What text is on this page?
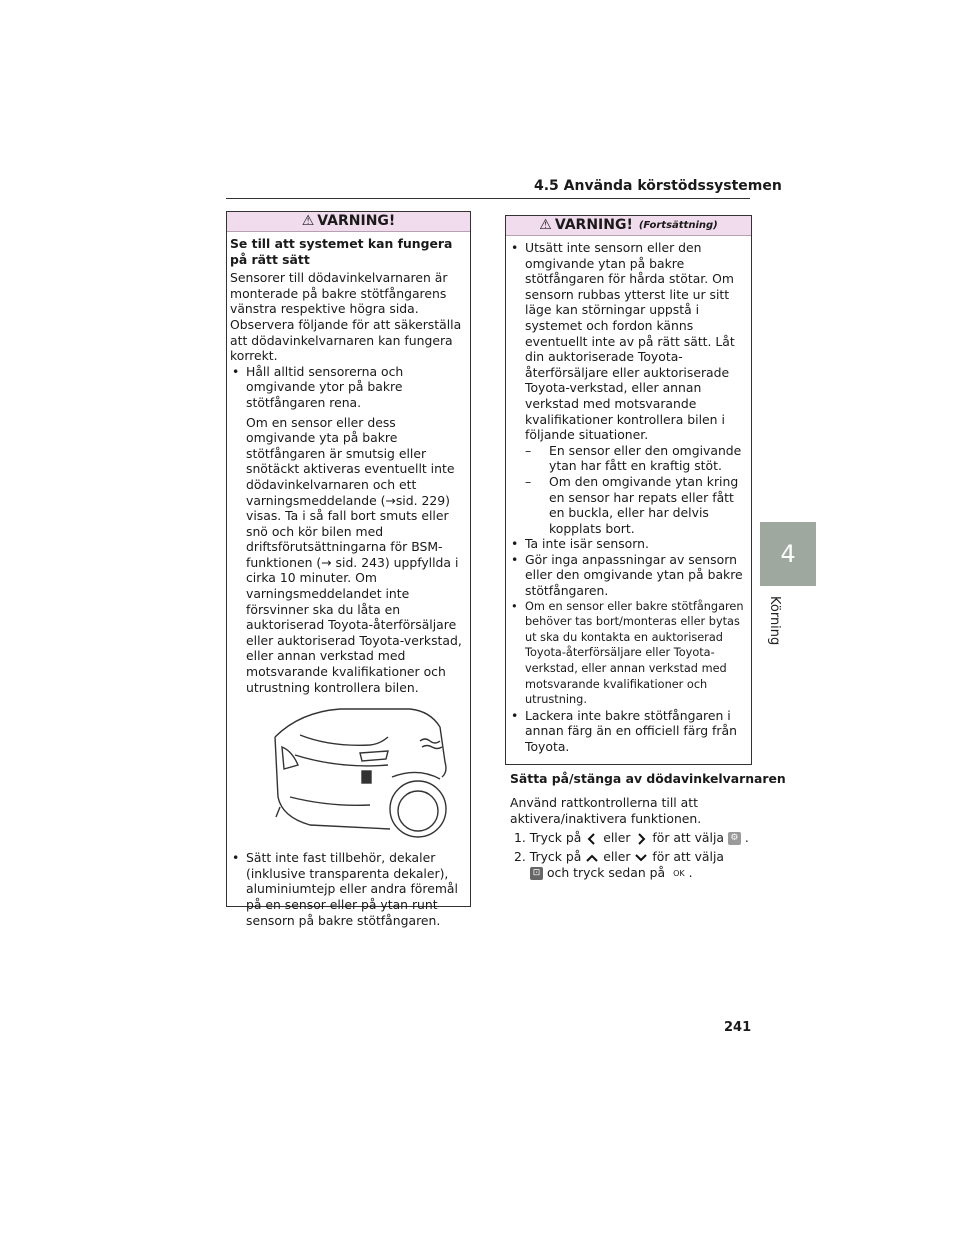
4.5 Använda körstödssystemen
4
Körning
⚠ VARNING!

Se till att systemet kan fungera på rätt sätt

Sensorer till dödavinkelvarnaren är monterade på bakre stötfångarens vänstra respektive högra sida. Observera följande för att säkerställa att dödavinkelvarnaren kan fungera korrekt.

• Håll alltid sensorerna och omgivande ytor på bakre stötfångaren rena.

Om en sensor eller dess omgivande yta på bakre stötfångaren är smutsig eller snötäckt aktiveras eventuellt inte dödavinkelvarnaren och ett varningsmeddelande (→sid. 229) visas. Ta i så fall bort smuts eller snö och kör bilen med driftsförutsättningarna för BSM-funktionen (→ sid. 243) uppfyllda i cirka 10 minuter. Om varningsmeddelandet inte försvinner ska du låta en auktoriserad Toyota-återförsäljare eller auktoriserad Toyota-verkstad, eller annan verkstad med motsvarande kvalifikationer och utrustning kontrollera bilen.

• Sätt inte fast tillbehör, dekaler (inklusive transparenta dekaler), aluminiumtejp eller andra föremål på en sensor eller på ytan runt sensorn på bakre stötfångaren.

⚠ VARNING! (Fortsättning)

• Utsätt inte sensorn eller den omgivande ytan på bakre stötfångaren för hårda stötar. Om sensorn rubbas ytterst lite ur sitt läge kan störningar uppstå i systemet och fordon känns eventuellt inte av på rätt sätt. Låt din auktoriserade Toyota-återförsäljare eller auktoriserade Toyota-verkstad, eller annan verkstad med motsvarande kvalifikationer kontrollera bilen i följande situationer.

– En sensor eller den omgivande ytan har fått en kraftig stöt.

– Om den omgivande ytan kring en sensor har repats eller fått en buckla, eller har delvis kopplats bort.

• Ta inte isär sensorn.

• Gör inga anpassningar av sensorn eller den omgivande ytan på bakre stötfångaren.

• Om en sensor eller bakre stötfångaren behöver tas bort/monteras eller bytas ut ska du kontakta en auktoriserad Toyota-återförsäljare eller Toyota-verkstad, eller annan verkstad med motsvarande kvalifikationer och utrustning.

• Lackera inte bakre stötfångaren i annan färg än en officiell färg från Toyota.

Sätta på/stänga av dödavinkelvarnaren
Använd rattkontrollerna till att aktivera/inaktivera funktionen.
1. Tryck på eller för att välja ⚙ .
2. Tryck på eller för att välja
⊡ och tryck sedan på OK .
241
